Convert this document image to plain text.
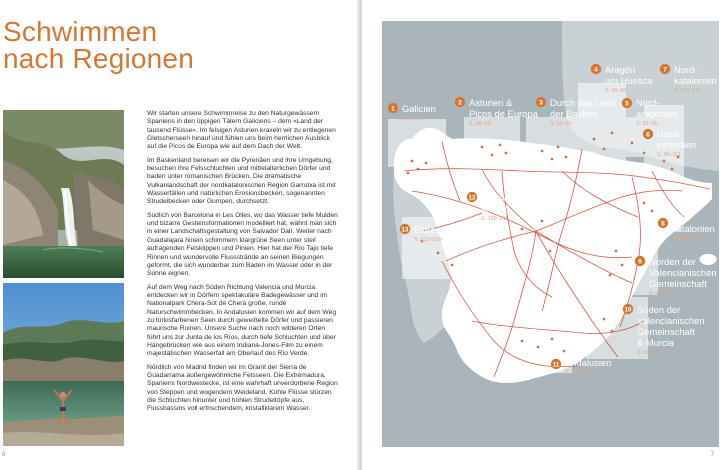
Schwimmen
nach Regionen

Wir starten unsere Schwimmreise zu den Naturgewässern Spaniens in den üppigen Tälern Galiciens – dem »Land der tausend Flüsse«. Im felsigen Asturien kraxeln wir zu entlegenen Gletscherseen hinauf und fühlen uns beim herrlichen Ausblick auf die Picos de Europa wie auf dem Dach der Welt.

Im Baskenland bereisen wir die Pyrenäen und ihre Umgebung, besuchen ihre Felsschluchten und mittelalterlichen Dörfer und baden unter romanischen Brücken. Die dramatische Vulkanlandschaft der nordkatalonischen Region Garrotxa ist mit Wasserfällen und natürlichen Erosionsbecken, sogenannten Strudelbecken oder Gumpen, durchsetzt.

Südlich von Barcelona in Les Olles, wo das Wasser tiefe Mulden und bizarre Gesteinsformationen modelliert hat, wähnt man sich in einer Landschaftsgestaltung von Salvador Dalí. Weiter nach Guadalajara hinein schimmern klargrüne Seen unter steil aufragenden Felsklippen und Pinien. Hier hat der Río Tajo tiefe Rinnen und wundervolle Flussstrände an seinen Biegungen geformt, die sich wunderbar zum Baden im Wasser oder in der Sonne eignen.

Auf dem Weg nach Süden Richtung Valencia und Murcia entdecken wir in Dörfern spektakuläre Badegewässer und im Nationalpark Chera-Sot de Chera große, runde Naturschwimmbecken. In Andalusien kommen wir auf dem Weg zu türkisfarbenen Seen durch geweißelte Dörfer und passieren maurische Ruinen. Unsere Suche nach noch wilderen Orten führt uns zur Junta de los Ríos, durch tiefe Schluchten und über Hängebrücken wie aus einem Indiana-Jones-Film zu einem majestätischen Wasserfall am Oberlauf des Río Verde.

Nördlich von Madrid finden wir im Granit der Sierra de Guadarrama außergewöhnliche Felsseen. Die Extremadura, Spaniens Nordwestecke, ist eine wahrhaft unverdorbene Region von Steppen und wogendem Weideland. Kühle Flüsse stürzen die Schluchten hinunter und höhlen Strudeltöpfe aus, Flussbassins voll erfrischendem, kristallklarem Wasser.

6
1 Galicien
S. 20–35
2 Asturien &
Picos de Europa
S. 36–49
3 Durch das Land
der Basken
S. 50–65
4 Aragón
um Huesca
S. 66–81
5 Nord-
aragonien
S. 82–95
6 Hoch-
pyrenäen
S. 96–111
7 Nord-
katalonien
S. 112–127
8
Süd-
katalonien
S. 128–143
9 Norden der
Valencianischen
Gemeinschaft
S. 144–159
10 Süden der
Valencianischen
Gemeinschaft
& Murcia
S. 160–175
11 Andalusien
S. 176–195
12 Guadalajara &
Madrid
S. 196–211
13 Extremadura
S. 212–219
7
